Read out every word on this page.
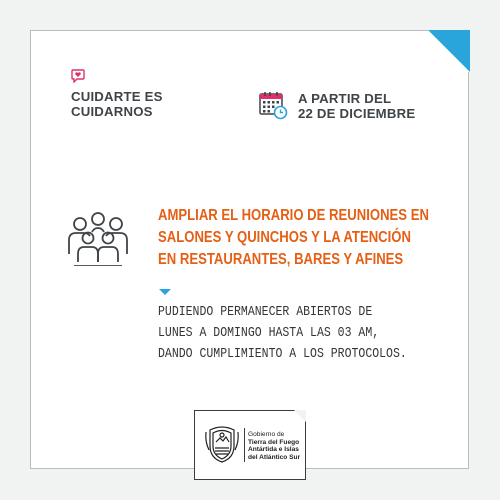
CUIDARTE ES
CUIDARNOS
A PARTIR DEL
22 DE DICIEMBRE
AMPLIAR EL HORARIO DE REUNIONES EN
SALONES Y QUINCHOS Y LA ATENCIÓN
EN RESTAURANTES, BARES Y AFINES
PUDIENDO PERMANECER ABIERTOS DE
LUNES A DOMINGO HASTA LAS 03 AM,
DANDO CUMPLIMIENTO A LOS PROTOCOLOS.
Gobierno de
Tierra del Fuego
Antártida e Islas
del Atlántico Sur
